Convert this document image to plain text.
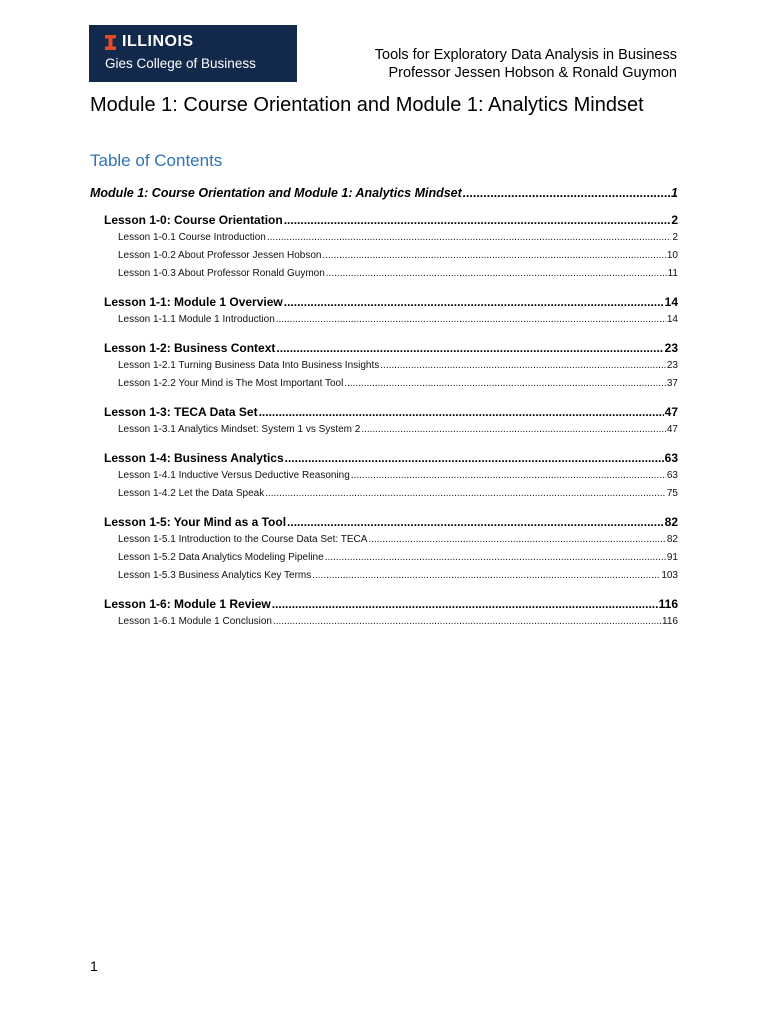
ILLINOIS
Gies College of Business
Tools for Exploratory Data Analysis in Business
Professor Jessen Hobson & Ronald Guymon
Module 1: Course Orientation and Module 1: Analytics Mindset
Table of Contents
Module 1: Course Orientation and Module 1: Analytics Mindset .....	1
Lesson 1-0: Course Orientation .....	2
Lesson 1-0.1 Course Introduction .....	2
Lesson 1-0.2 About Professor Jessen Hobson .....	10
Lesson 1-0.3 About Professor Ronald Guymon .....	11
Lesson 1-1: Module 1 Overview .....	14
Lesson 1-1.1 Module 1 Introduction .....	14
Lesson 1-2: Business Context .....	23
Lesson 1-2.1 Turning Business Data Into Business Insights .....	23
Lesson 1-2.2 Your Mind is The Most Important Tool .....	37
Lesson 1-3: TECA Data Set .....	47
Lesson 1-3.1 Analytics Mindset: System 1 vs System 2 .....	47
Lesson 1-4: Business Analytics .....	63
Lesson 1-4.1 Inductive Versus Deductive Reasoning .....	63
Lesson 1-4.2 Let the Data Speak .....	75
Lesson 1-5: Your Mind as a Tool .....	82
Lesson 1-5.1 Introduction to the Course Data Set: TECA .....	82
Lesson 1-5.2 Data Analytics Modeling Pipeline .....	91
Lesson 1-5.3 Business Analytics Key Terms .....	103
Lesson 1-6: Module 1 Review .....	116
Lesson 1-6.1 Module 1 Conclusion .....	116
1
